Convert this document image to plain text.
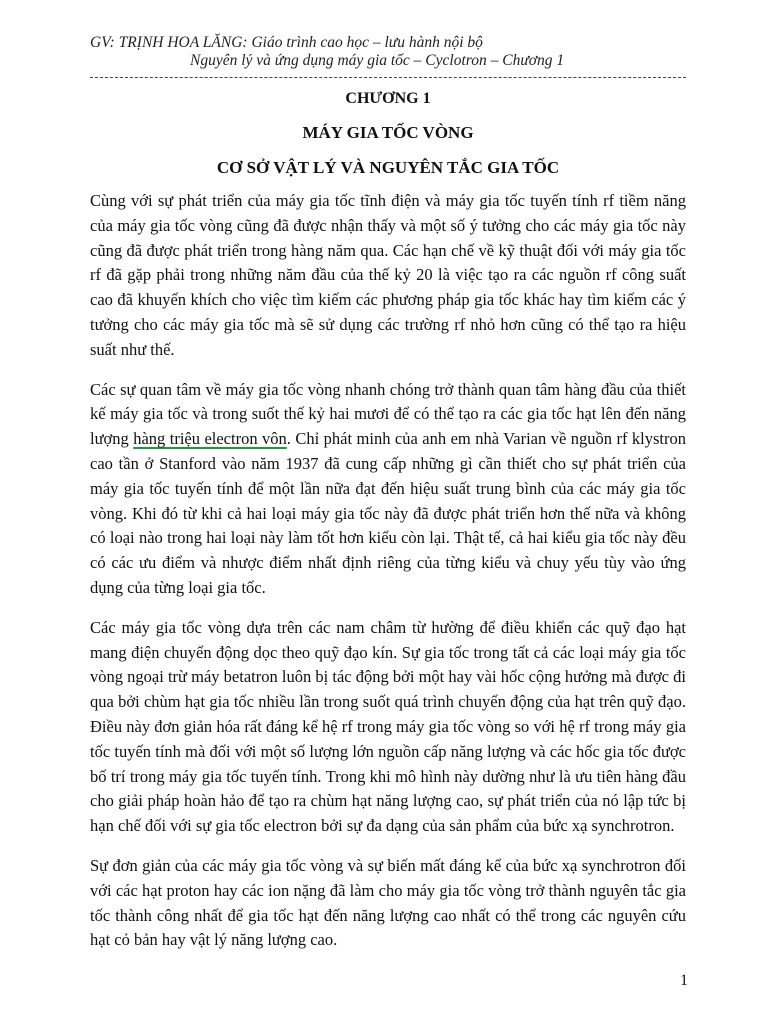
GV: TRỊNH HOA LĂNG: Giáo trình cao học – lưu hành nội bộ
Nguyên lý và ứng dụng máy gia tốc – Cyclotron – Chương 1
CHƯƠNG 1
MÁY GIA TỐC VÒNG
CƠ SỞ VẬT LÝ VÀ NGUYÊN TẮC GIA TỐC

Cùng với sự phát triển của máy gia tốc tĩnh điện và máy gia tốc tuyến tính rf tiềm năng của máy gia tốc vòng cũng đã được nhận thấy và một số ý tưởng cho các máy gia tốc này cũng đã được phát triển trong hàng năm qua. Các hạn chế về kỹ thuật đối với máy gia tốc rf đã gặp phải trong những năm đầu của thế kỷ 20 là việc tạo ra các nguồn rf công suất cao đã khuyến khích cho việc tìm kiếm các phương pháp gia tốc khác hay tìm kiếm các ý tưởng cho các máy gia tốc mà sẽ sử dụng các trường rf nhỏ hơn cũng có thể tạo ra hiệu suất như thế.

Các sự quan tâm về máy gia tốc vòng nhanh chóng trở thành quan tâm hàng đầu của thiết kế máy gia tốc và trong suốt thế kỷ hai mươi để có thể tạo ra các gia tốc hạt lên đến năng lượng hàng triệu electron vôn. Chỉ phát minh của anh em nhà Varian về nguồn rf klystron cao tần ở Stanford vào năm 1937 đã cung cấp những gì cần thiết cho sự phát triển của máy gia tốc tuyến tính để một lần nữa đạt đến hiệu suất trung bình của các máy gia tốc vòng. Khi đó từ khi cả hai loại máy gia tốc này đã được phát triển hơn thế nữa và không có loại nào trong hai loại này làm tốt hơn kiểu còn lại. Thật tế, cả hai kiểu gia tốc này đều có các ưu điểm và nhược điểm nhất định riêng của từng kiểu và chuy yếu tùy vào ứng dụng của từng loại gia tốc.

Các máy gia tốc vòng dựa trên các nam châm từ hường để điều khiển các quỹ đạo hạt mang điện chuyển động dọc theo quỹ đạo kín. Sự gia tốc trong tất cả các loại máy gia tốc vòng ngoại trừ máy betatron luôn bị tác động bởi một hay vài hốc cộng hưởng mà được đi qua bởi chùm hạt gia tốc nhiều lần trong suốt quá trình chuyển động của hạt trên quỹ đạo. Điều này đơn giản hóa rất đáng kể hệ rf trong máy gia tốc vòng so với hệ rf trong máy gia tốc tuyến tính mà đối với một số lượng lớn nguồn cấp năng lượng và các hốc gia tốc được bố trí trong máy gia tốc tuyến tính. Trong khi mô hình này dường như là ưu tiên hàng đầu cho giải pháp hoàn hảo để tạo ra chùm hạt năng lượng cao, sự phát triển của nó lập tức bị hạn chế đối với sự gia tốc electron bởi sự đa dạng của sản phẩm của bức xạ synchrotron.

Sự đơn giản của các máy gia tốc vòng và sự biến mất đáng kể của bức xạ synchrotron đối với các hạt proton hay các ion nặng đã làm cho máy gia tốc vòng trở thành nguyên tắc gia tốc thành công nhất để gia tốc hạt đến năng lượng cao nhất có thể trong các nguyên cứu hạt cỏ bản hay vật lý năng lượng cao.

1
